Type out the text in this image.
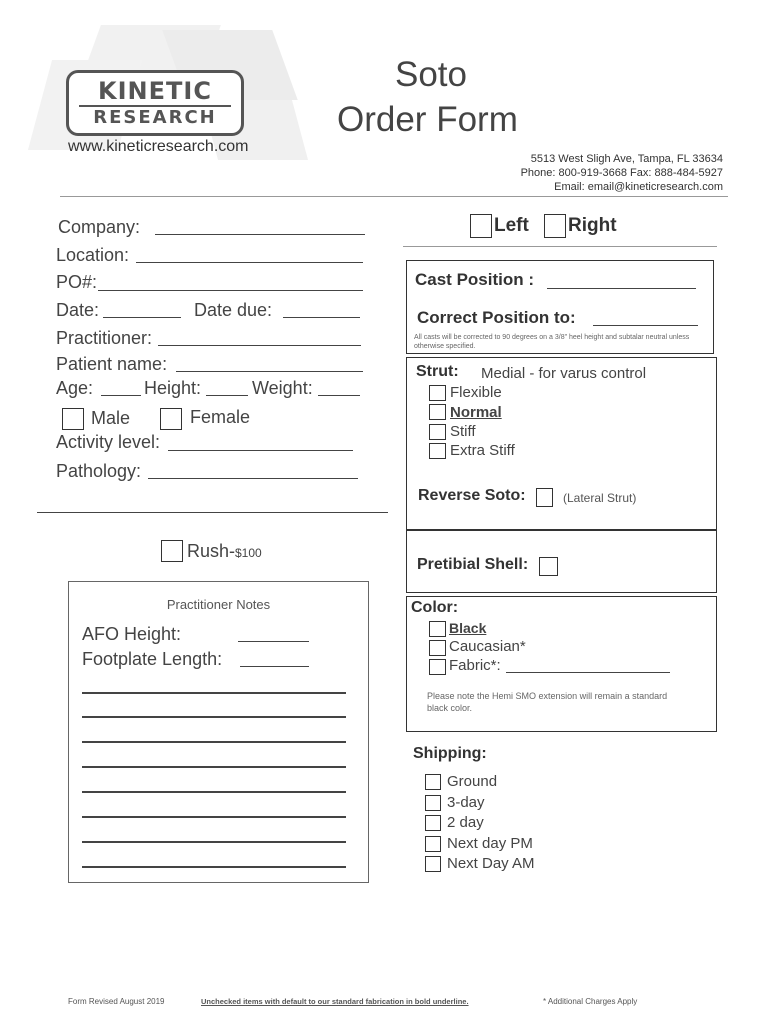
KINETIC
RESEARCH
www.kineticresearch.com
Soto
Order Form
5513 West Sligh Ave, Tampa, FL 33634
Phone: 800-919-3668 Fax: 888-484-5927
Email: email@kineticresearch.com
Company:
Location:
PO#:
Date:	Date due:
Practitioner:
Patient name:
Age:	Height:	Weight:
Male	Female
Activity level:
Pathology:
Rush- $100
Practitioner Notes
AFO Height:
Footplate Length:
Left Right
Cast Position :
Correct Position to:
All casts will be corrected to 90 degrees on a 3/8" heel height and subtalar neutral unless otherwise specified.
Strut: Medial - for varus control
Flexible
Normal
Stiff
Extra Stiff
Reverse Soto:	(Lateral Strut)
Pretibial Shell:
Color:
Black
Caucasian*
Fabric*:
Please note the Hemi SMO extension will remain a standard black color.
Shipping:
Ground
3-day
2 day
Next day PM
Next Day AM
Form Revised August 2019	Unchecked items with default to our standard fabrication in bold underline.	* Additional Charges Apply
